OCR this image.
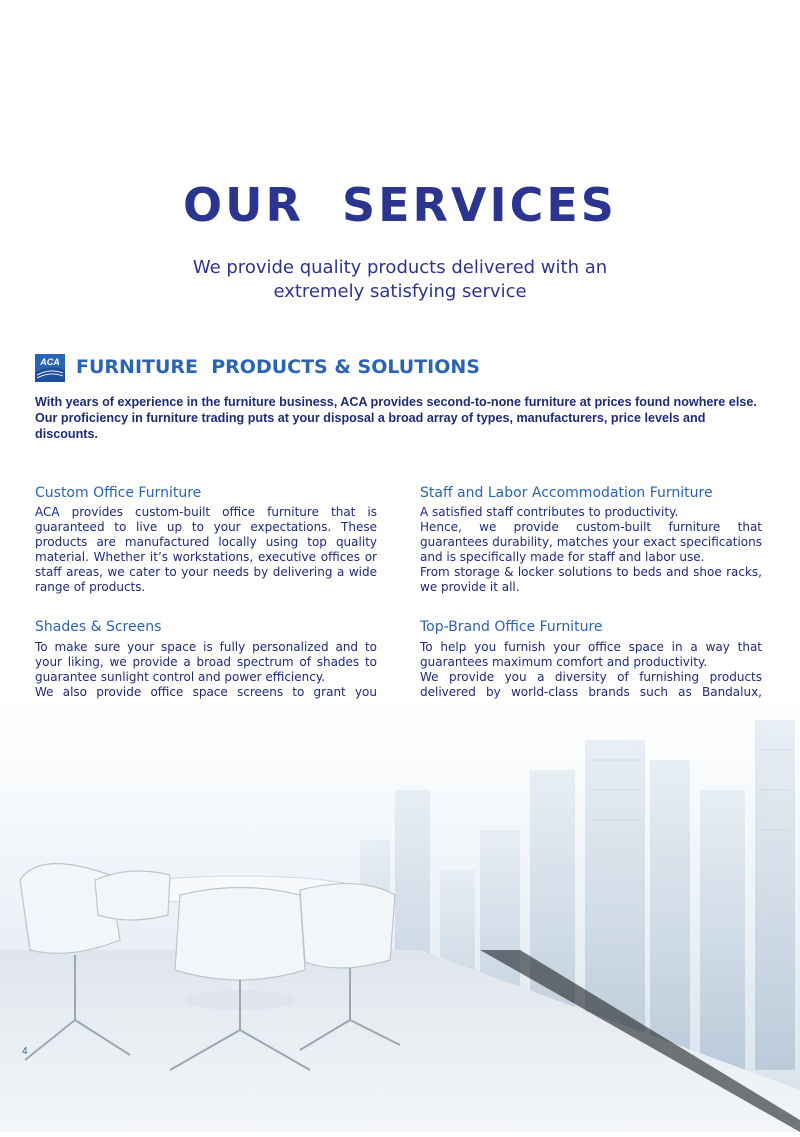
OUR  SERVICES
We provide quality products delivered with an
extremely satisfying service
ACA FURNITURE  PRODUCTS & SOLUTIONS
With years of experience in the furniture business, ACA provides second-to-none furniture at prices found nowhere else.
Our proficiency in furniture trading puts at your disposal a broad array of types, manufacturers, price levels and discounts.
Custom Office Furniture

ACA provides custom-built office furniture that is guaranteed to live up to your expectations. These products are manufactured locally using top quality material. Whether it’s workstations, executive offices or staff areas, we cater to your needs by delivering a wide range of products.

Staff and Labor Accommodation Furniture

A satisfied staff contributes to productivity.

Hence, we provide custom-built furniture that guarantees durability, matches your exact specifications and is specifically made for staff and labor use.

From storage & locker solutions to beds and shoe racks, we provide it all.

Shades & Screens

To make sure your space is fully personalized and to your liking, we provide a broad spectrum of shades to guarantee sunlight control and power efficiency.

We also provide office space screens to grant you

Top-Brand Office Furniture

To help you furnish your office space in a way that guarantees maximum comfort and productivity.

We provide you a diversity of furnishing products delivered by world-class brands such as Bandalux,

4
